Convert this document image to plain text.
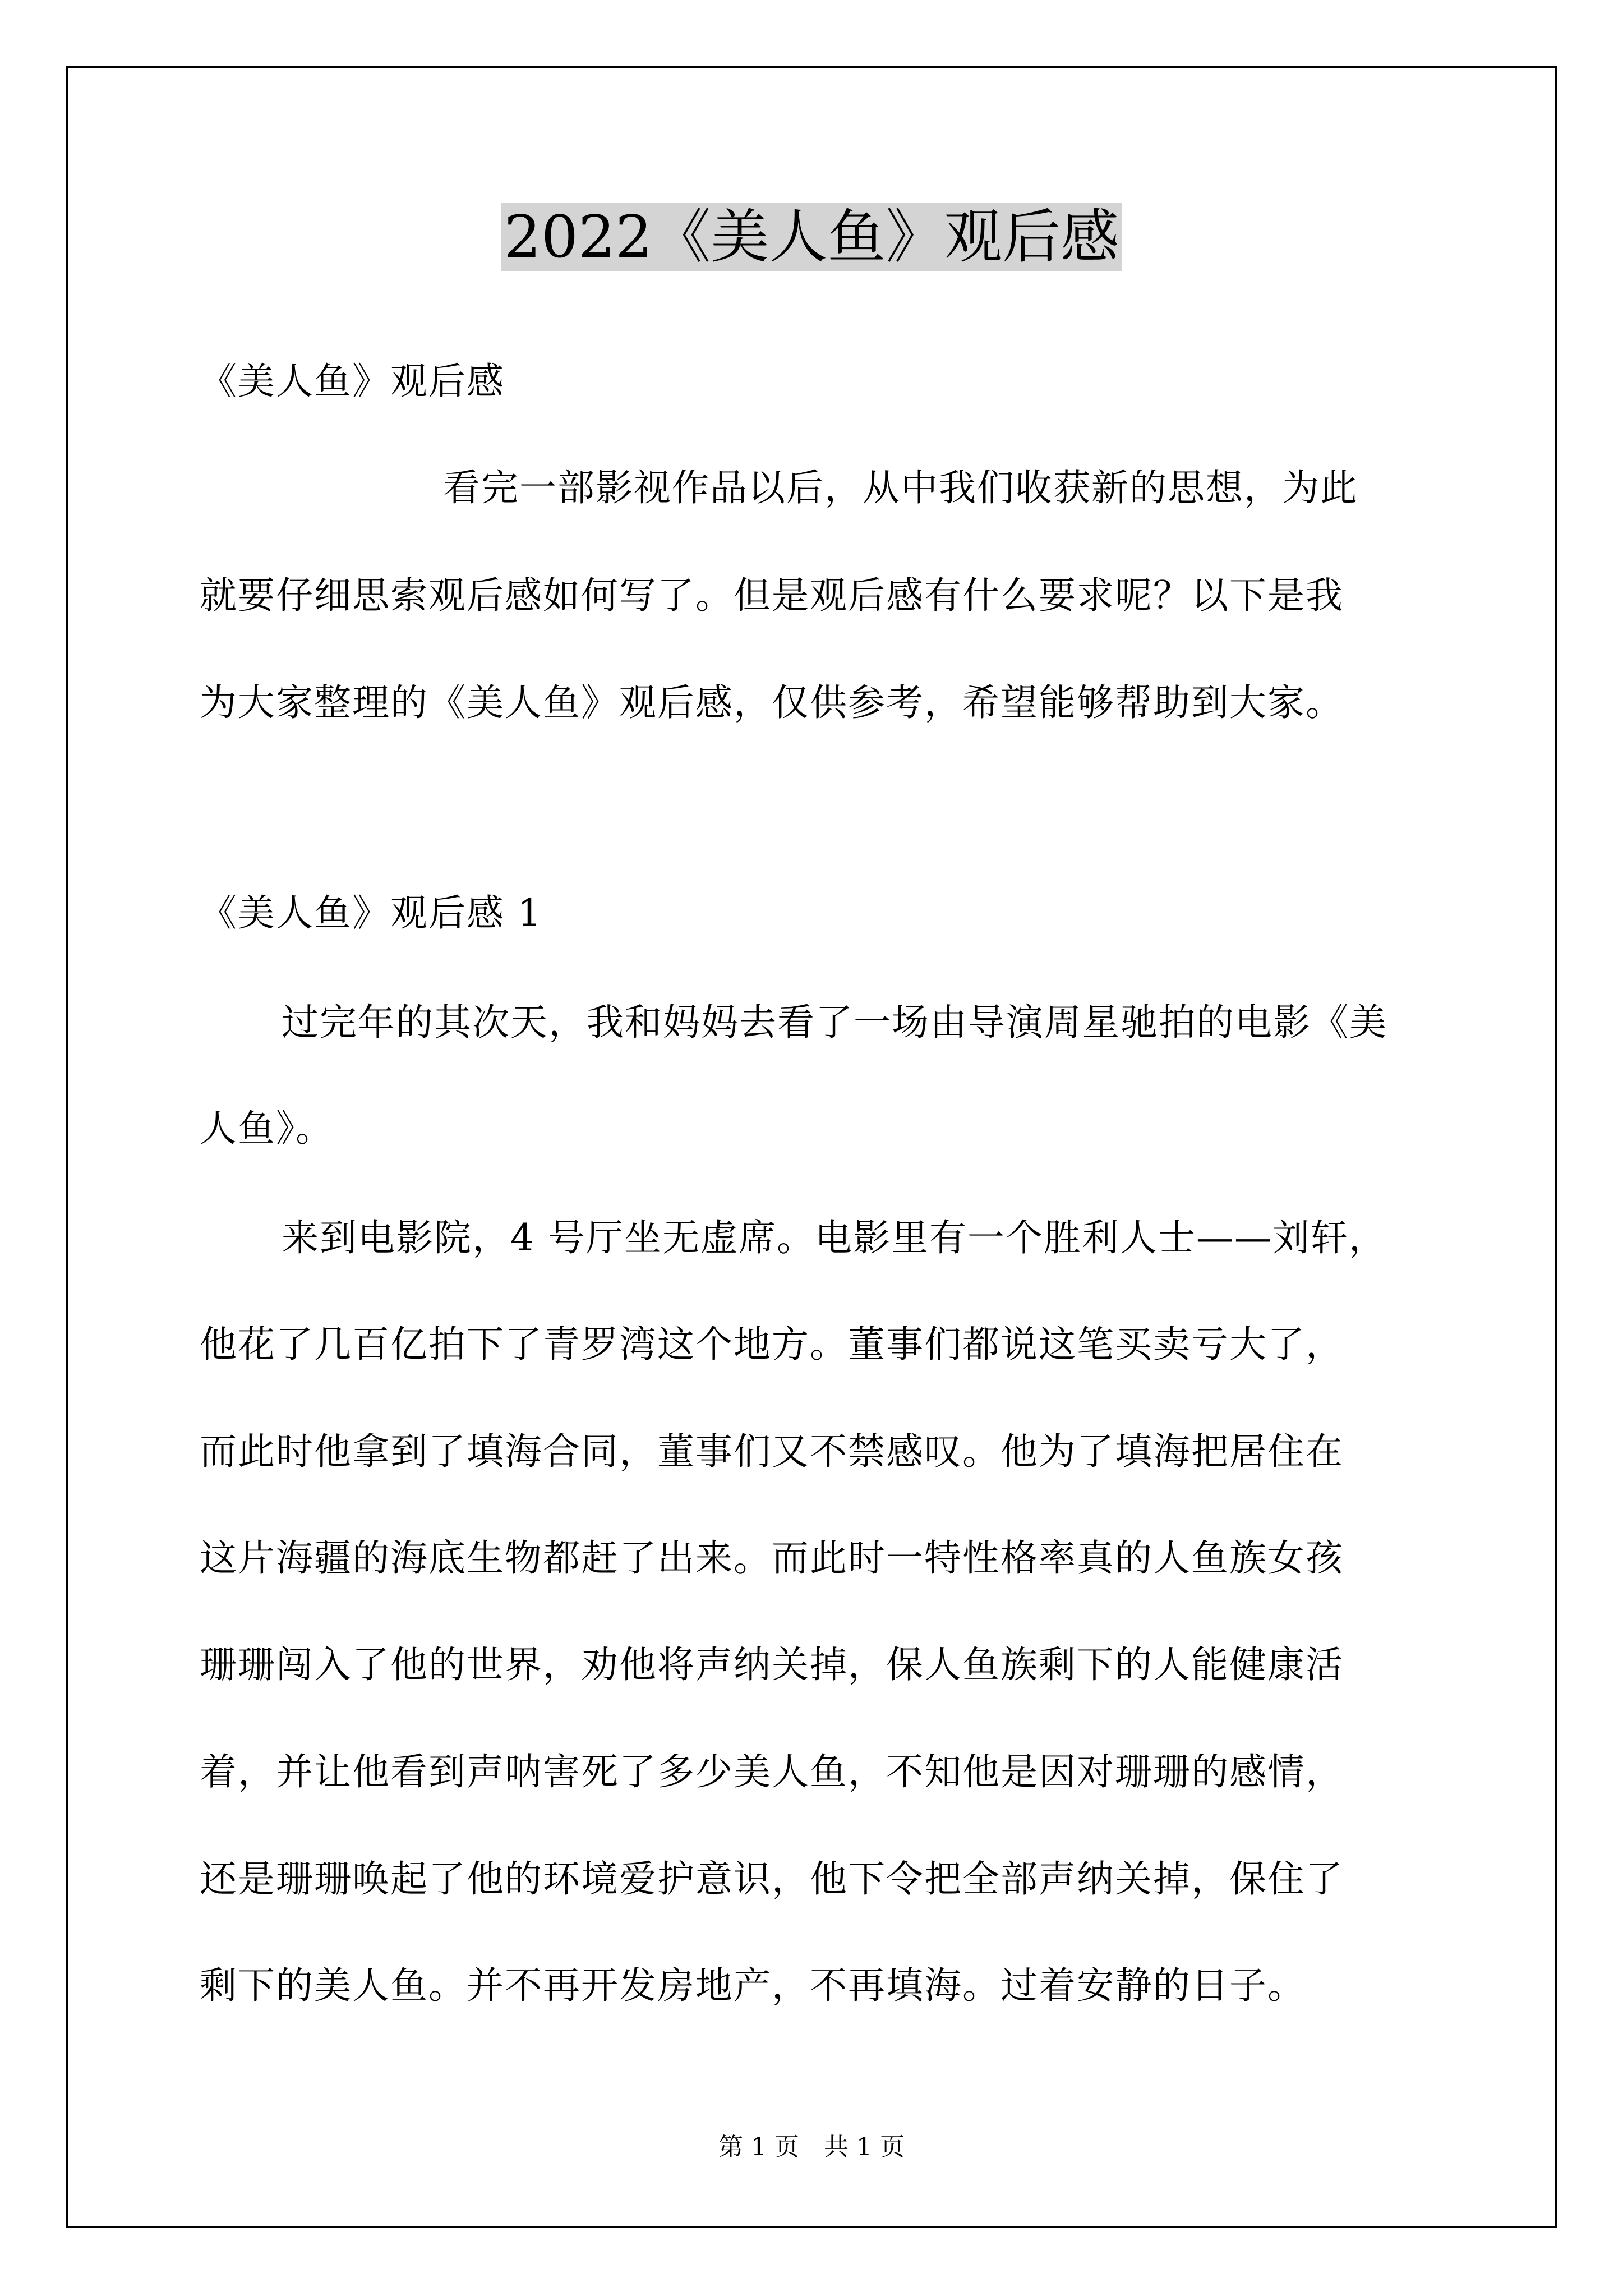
2022《美人鱼》观后感
《美人鱼》观后感
看完一部影视作品以后，从中我们收获新的思想，为此
就要仔细思索观后感如何写了。但是观后感有什么要求呢？以下是我
为大家整理的《美人鱼》观后感，仅供参考，希望能够帮助到大家。
《美人鱼》观后感 1
过完年的其次天，我和妈妈去看了一场由导演周星驰拍的电影《美
人鱼》。
来到电影院，4 号厅坐无虚席。电影里有一个胜利人士——刘轩，
他花了几百亿拍下了青罗湾这个地方。董事们都说这笔买卖亏大了，
而此时他拿到了填海合同，董事们又不禁感叹。他为了填海把居住在
这片海疆的海底生物都赶了出来。而此时一特性格率真的人鱼族女孩
珊珊闯入了他的世界，劝他将声纳关掉，保人鱼族剩下的人能健康活
着，并让他看到声呐害死了多少美人鱼，不知他是因对珊珊的感情，
还是珊珊唤起了他的环境爱护意识，他下令把全部声纳关掉，保住了
剩下的美人鱼。并不再开发房地产，不再填海。过着安静的日子。
第 1 页　共 1 页
